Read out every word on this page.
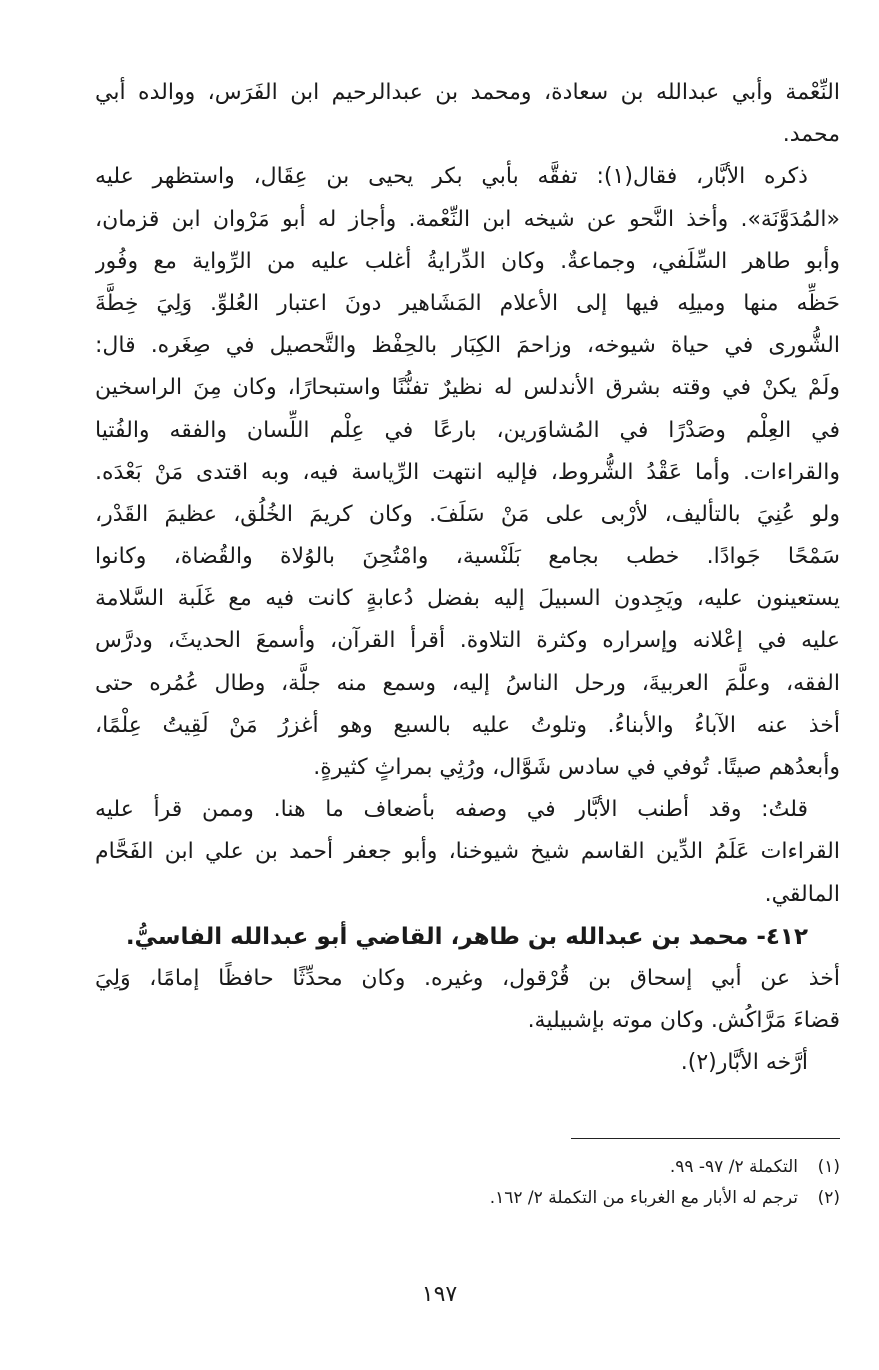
النِّعْمة وأبي عبدالله بن سعادة، ومحمد بن عبدالرحيم ابن الفَرَس، ووالده أبي
محمد.
ذكره الأبَّار، فقال(١): تفقَّه بأبي بكر يحيى بن عِقَال، واستظهر عليه
«المُدَوَّنَة». وأخذ النَّحو عن شيخه ابن النِّعْمة. وأجاز له أبو مَرْوان ابن قزمان،
وأبو طاهر السِّلَفي، وجماعةٌ. وكان الدِّرايةُ أغلب عليه من الرِّواية مع وفُور
حَظِّه منها وميلِه فيها إلى الأعلام المَشَاهير دونَ اعتبار العُلوِّ. وَلِيَ خِطَّةَ
الشُّورى في حياة شيوخه، وزاحمَ الكِبَار بالحِفْظ والتَّحصيل في صِغَره. قال:
ولَمْ يكنْ في وقته بشرق الأندلس له نظيرٌ تفنُّنًا واستبحارًا، وكان مِنَ الراسخين
في العِلْم وصَدْرًا في المُشاوَرين، بارعًا في عِلْم اللِّسان والفقه والفُتيا
والقراءات. وأما عَقْدُ الشُّروط، فإليه انتهت الرِّياسة فيه، وبه اقتدى مَنْ بَعْدَه.
ولو عُنِيَ بالتأليف، لأرْبى على مَنْ سَلَفَ. وكان كريمَ الخُلُق، عظيمَ القَدْر،
سَمْحًا جَوادًا. خطب بجامع بَلَنْسية، وامْتُحِنَ بالوُلاة والقُضاة، وكانوا
يستعينون عليه، ويَجِدون السبيلَ إليه بفضل دُعابةٍ كانت فيه مع غَلَبة السَّلامة
عليه في إعْلانه وإسراره وكثرة التلاوة. أقرأ القرآن، وأسمعَ الحديثَ، ودرَّس
الفقه، وعلَّمَ العربيةَ، ورحل الناسُ إليه، وسمع منه جلَّة، وطال عُمُره حتى
أخذ عنه الآباءُ والأبناءُ. وتلوتُ عليه بالسبع وهو أغزرُ مَنْ لَقِيتُ عِلْمًا،
وأبعدُهم صيتًا. تُوفي في سادس شَوَّال، ورُثِي بمراثٍ كثيرةٍ.
قلتُ: وقد أطنب الأبَّار في وصفه بأضعاف ما هنا. وممن قرأ عليه
القراءات عَلَمُ الدِّين القاسم شيخ شيوخنا، وأبو جعفر أحمد بن علي ابن الفَحَّام
المالقي.
٤١٢- محمد بن عبدالله بن طاهر، القاضي أبو عبدالله الفاسيُّ.
أخذ عن أبي إسحاق بن قُرْقول، وغيره. وكان محدِّثًا حافظًا إمامًا، وَلِيَ
قضاءَ مَرَّاكُش. وكان موته بإشبيلية.
أرَّخه الأبَّار(٢).
(١)التكملة ٢/ ٩٧- ٩٩.
(٢)ترجم له الأبار مع الغرباء من التكملة ٢/ ١٦٢.
١٩٧
